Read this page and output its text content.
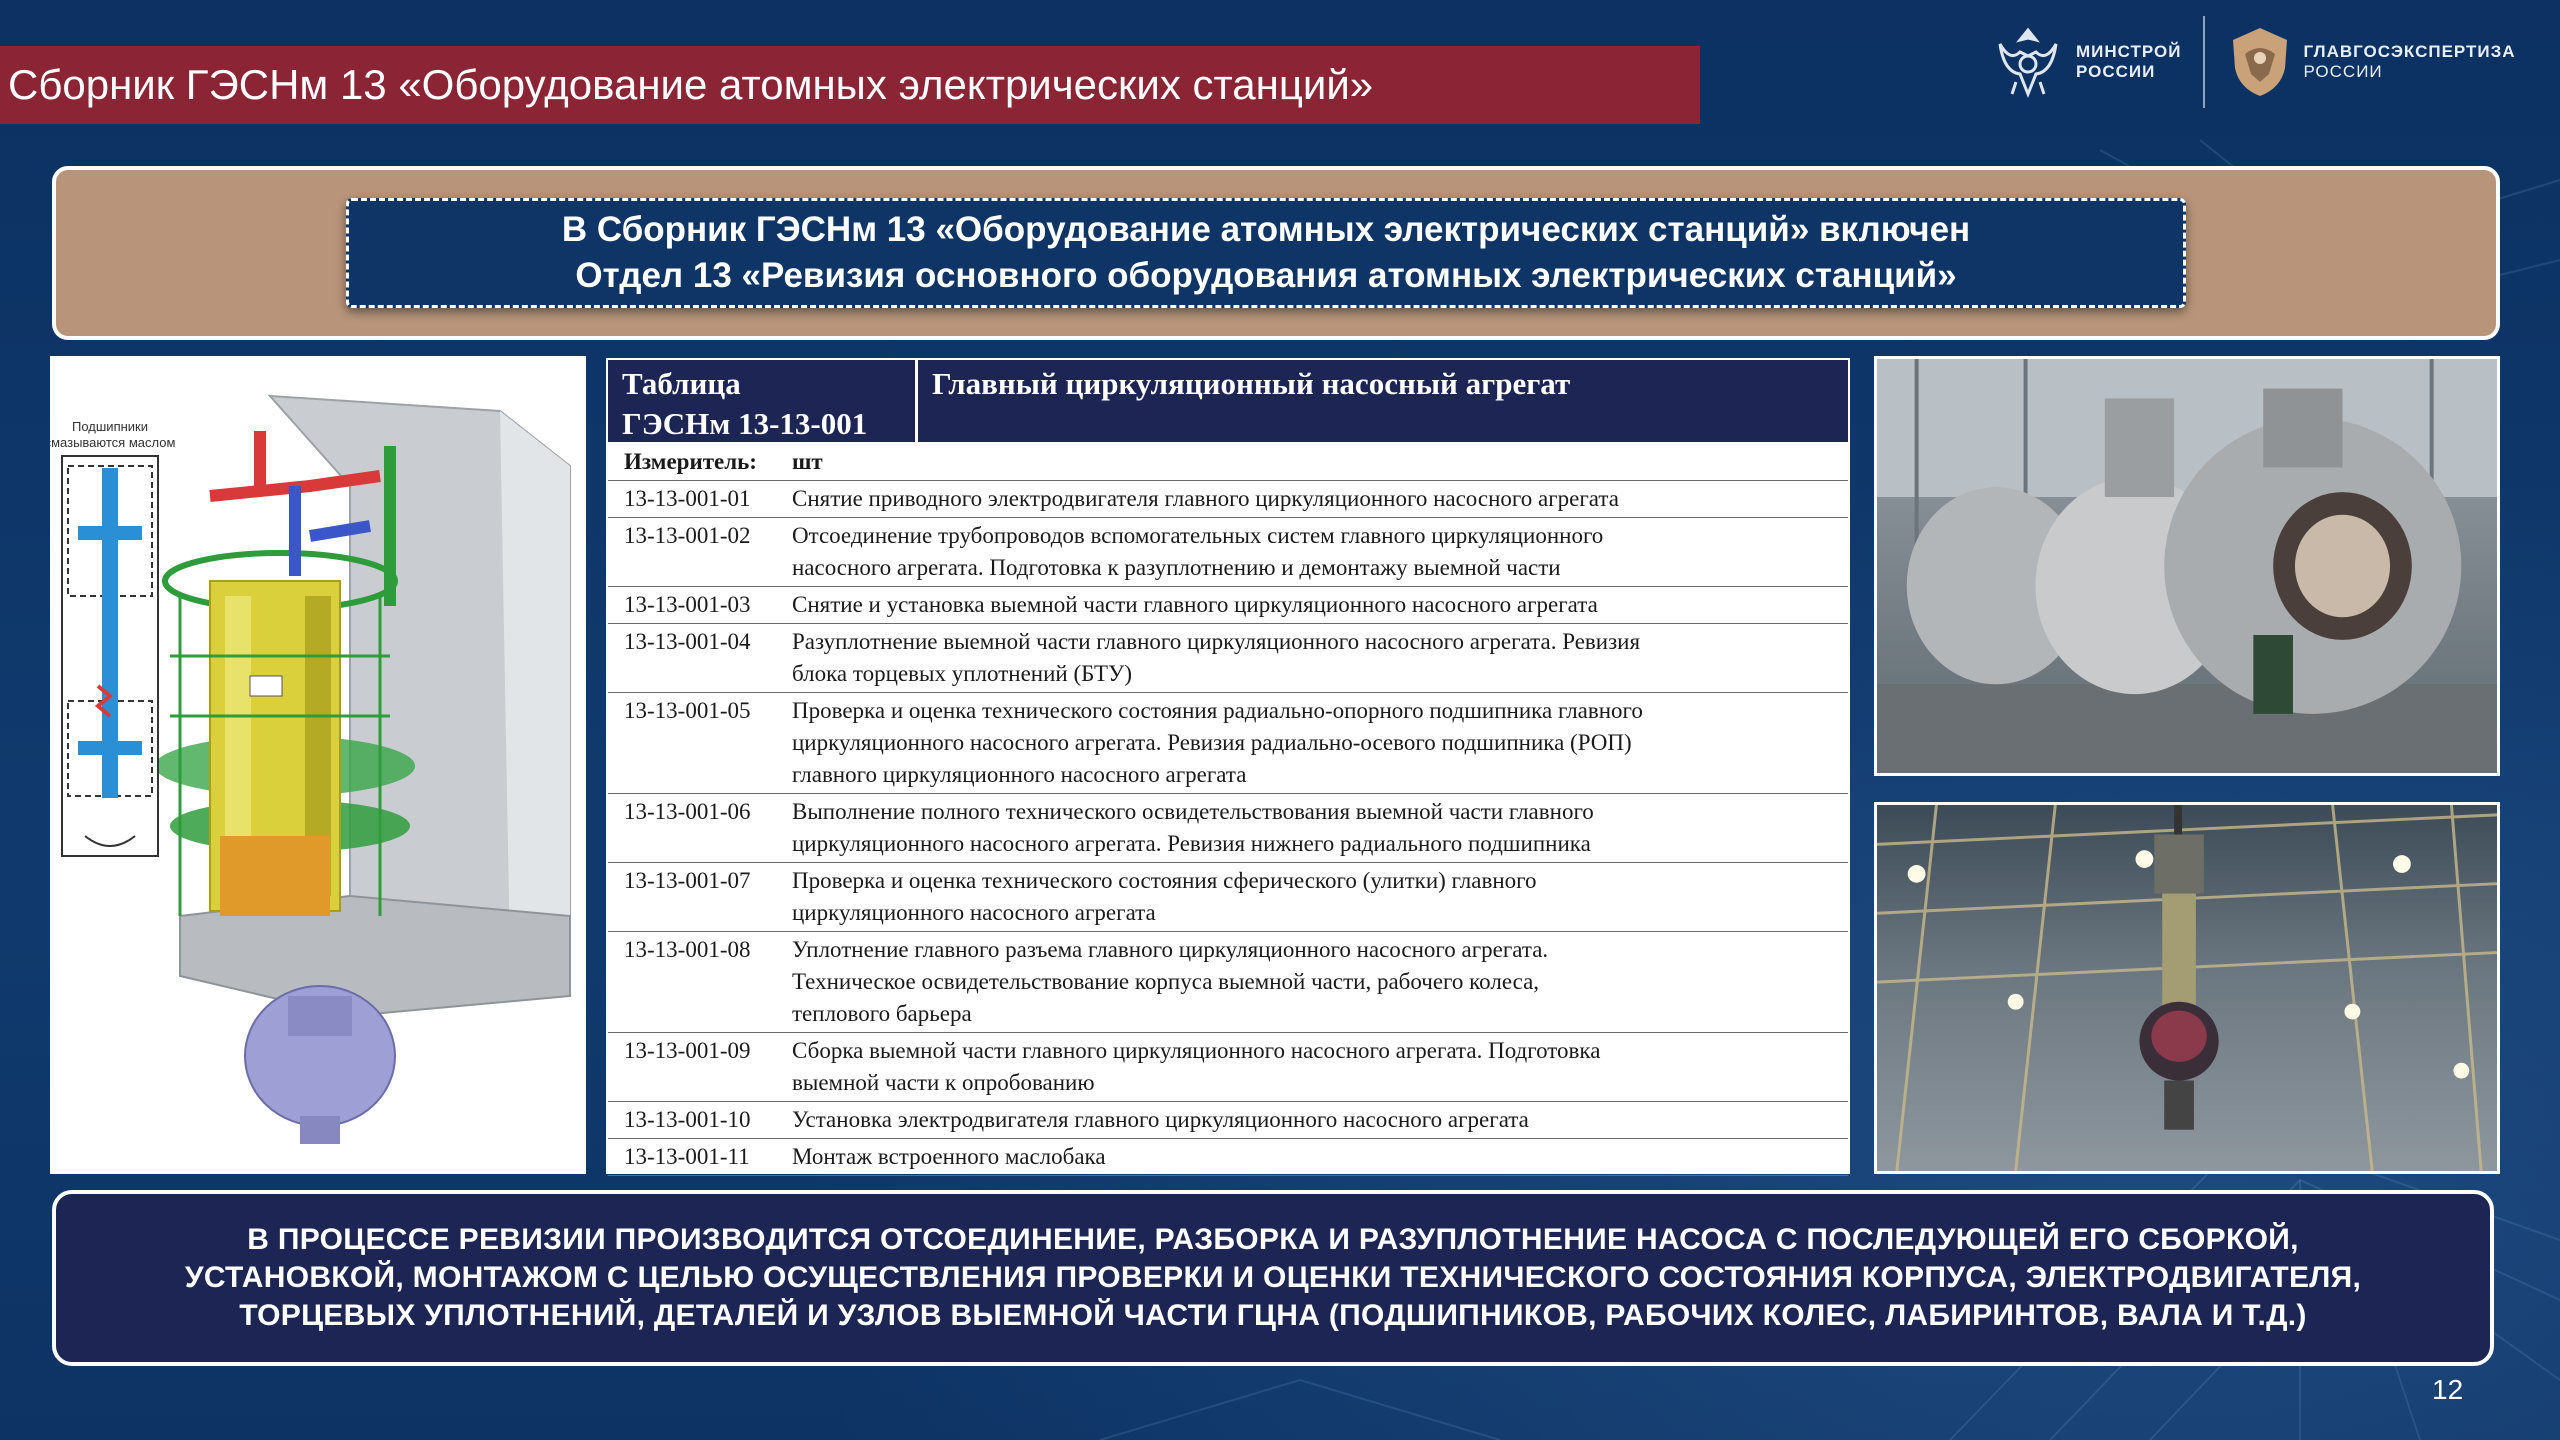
Сборник ГЭСНм 13 «Оборудование атомных электрических станций»
МИНСТРОЙ
РОССИИ
ГЛАВГОСЭКСПЕРТИЗА
РОССИИ
В Сборник ГЭСНм 13 «Оборудование атомных электрических станций» включен
Отдел 13 «Ревизия основного оборудования атомных электрических станций»
Подшипники
смазываются маслом
Таблица
ГЭСНм 13-13-001
Главный циркуляционный насосный агрегат
Измеритель:	шт
13-13-001-01	Снятие приводного электродвигателя главного циркуляционного насосного агрегата
13-13-001-02	Отсоединение трубопроводов вспомогательных систем главного циркуляционного
насосного агрегата. Подготовка к разуплотнению и демонтажу выемной части
13-13-001-03	Снятие и установка выемной части главного циркуляционного насосного агрегата
13-13-001-04	Разуплотнение выемной части главного циркуляционного насосного агрегата. Ревизия
блока торцевых уплотнений (БТУ)
13-13-001-05	Проверка и оценка технического состояния радиально-опорного подшипника главного
циркуляционного насосного агрегата. Ревизия радиально-осевого подшипника (РОП)
главного циркуляционного насосного агрегата
13-13-001-06	Выполнение полного технического освидетельствования выемной части главного
циркуляционного насосного агрегата. Ревизия нижнего радиального подшипника
13-13-001-07	Проверка и оценка технического состояния сферического (улитки) главного
циркуляционного насосного агрегата
13-13-001-08	Уплотнение главного разъема главного циркуляционного насосного агрегата.
Техническое освидетельствование корпуса выемной части, рабочего колеса,
теплового барьера
13-13-001-09	Сборка выемной части главного циркуляционного насосного агрегата. Подготовка
выемной части к опробованию
13-13-001-10	Установка электродвигателя главного циркуляционного насосного агрегата
13-13-001-11	Монтаж встроенного маслобака
В ПРОЦЕССЕ РЕВИЗИИ ПРОИЗВОДИТСЯ ОТСОЕДИНЕНИЕ, РАЗБОРКА И РАЗУПЛОТНЕНИЕ НАСОСА С ПОСЛЕДУЮЩЕЙ ЕГО СБОРКОЙ,
УСТАНОВКОЙ, МОНТАЖОМ С ЦЕЛЬЮ ОСУЩЕСТВЛЕНИЯ ПРОВЕРКИ И ОЦЕНКИ ТЕХНИЧЕСКОГО СОСТОЯНИЯ КОРПУСА, ЭЛЕКТРОДВИГАТЕЛЯ,
ТОРЦЕВЫХ УПЛОТНЕНИЙ, ДЕТАЛЕЙ И УЗЛОВ ВЫЕМНОЙ ЧАСТИ ГЦНА (ПОДШИПНИКОВ, РАБОЧИХ КОЛЕС, ЛАБИРИНТОВ, ВАЛА И Т.Д.)
12
